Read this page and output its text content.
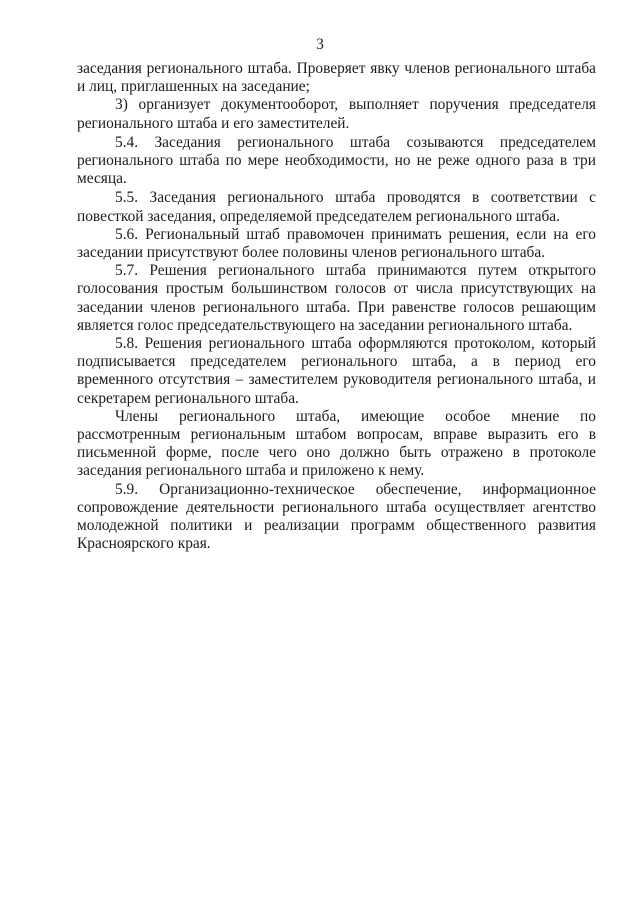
3

заседания регионального штаба. Проверяет явку членов регионального штаба и лиц, приглашенных на заседание;

3) организует документооборот, выполняет поручения председателя регионального штаба и его заместителей.

5.4. Заседания регионального штаба созываются председателем регионального штаба по мере необходимости, но не реже одного раза в три месяца.

5.5. Заседания регионального штаба проводятся в соответствии с повесткой заседания, определяемой председателем регионального штаба.

5.6. Региональный штаб правомочен принимать решения, если на его заседании присутствуют более половины членов регионального штаба.

5.7. Решения регионального штаба принимаются путем открытого голосования простым большинством голосов от числа присутствующих на заседании членов регионального штаба. При равенстве голосов решающим является голос председательствующего на заседании регионального штаба.

5.8. Решения регионального штаба оформляются протоколом, который подписывается председателем регионального штаба, а в период его временного отсутствия – заместителем руководителя регионального штаба, и секретарем регионального штаба.

Члены регионального штаба, имеющие особое мнение по рассмотренным региональным штабом вопросам, вправе выразить его в письменной форме, после чего оно должно быть отражено в протоколе заседания регионального штаба и приложено к нему.

5.9. Организационно-техническое обеспечение, информационное сопровождение деятельности регионального штаба осуществляет агентство молодежной политики и реализации программ общественного развития Красноярского края.
